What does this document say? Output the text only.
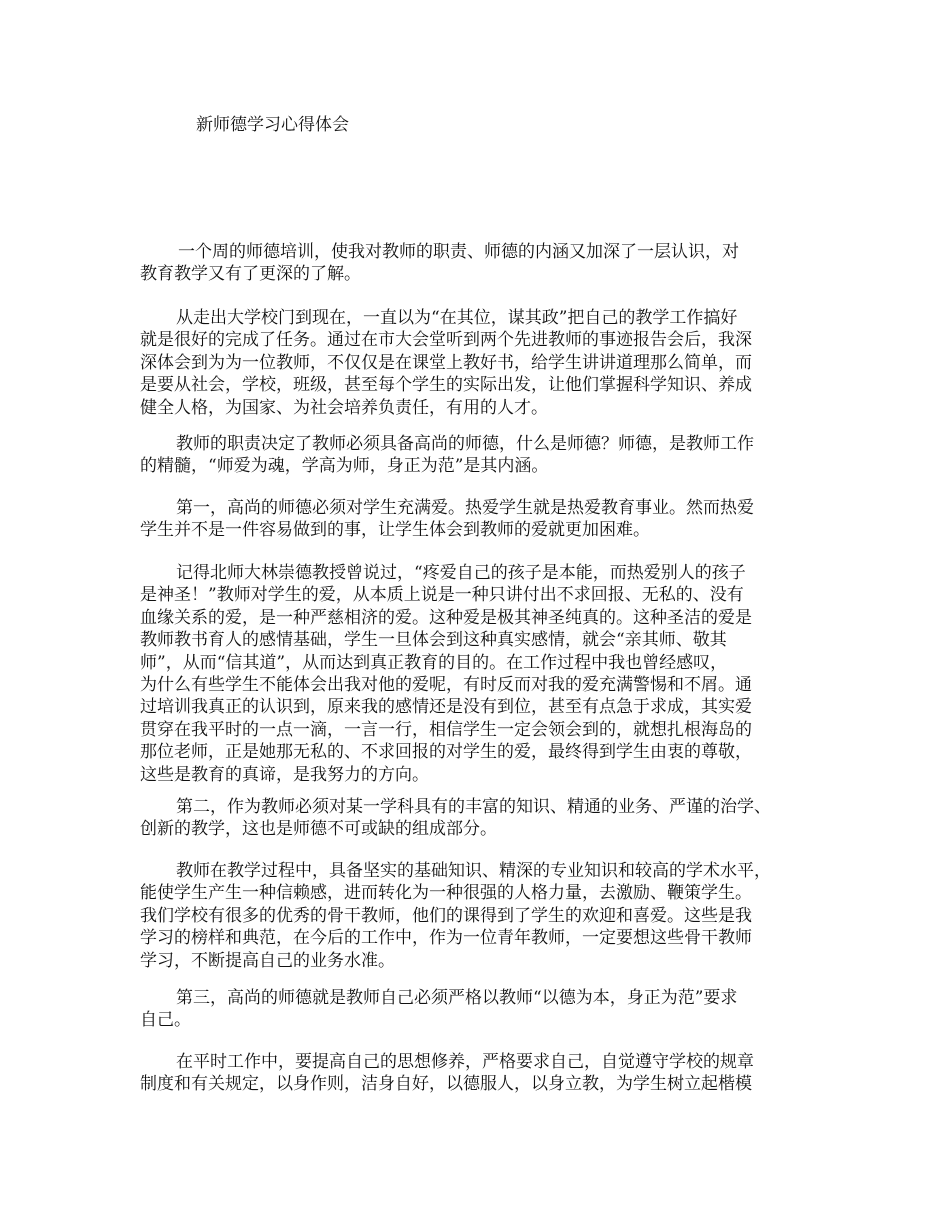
新师德学习心得体会

一个周的师德培训，使我对教师的职责、师德的内涵又加深了一层认识，对
教育教学又有了更深的了解。

从走出大学校门到现在，一直以为“在其位，谋其政”把自己的教学工作搞好
就是很好的完成了任务。通过在市大会堂听到两个先进教师的事迹报告会后，我深
深体会到为为一位教师，不仅仅是在课堂上教好书，给学生讲讲道理那么简单，而
是要从社会，学校，班级，甚至每个学生的实际出发，让他们掌握科学知识、养成
健全人格，为国家、为社会培养负责任，有用的人才。

教师的职责决定了教师必须具备高尚的师德，什么是师德？师德，是教师工作
的精髓，“师爱为魂，学高为师，身正为范”是其内涵。

第一，高尚的师德必须对学生充满爱。热爱学生就是热爱教育事业。然而热爱
学生并不是一件容易做到的事，让学生体会到教师的爱就更加困难。

记得北师大林崇德教授曾说过，“疼爱自己的孩子是本能，而热爱别人的孩子
是神圣！”教师对学生的爱，从本质上说是一种只讲付出不求回报、无私的、没有
血缘关系的爱，是一种严慈相济的爱。这种爱是极其神圣纯真的。这种圣洁的爱是
教师教书育人的感情基础，学生一旦体会到这种真实感情，就会“亲其师、敬其
师”，从而“信其道”，从而达到真正教育的目的。在工作过程中我也曾经感叹，
为什么有些学生不能体会出我对他的爱呢，有时反而对我的爱充满警惕和不屑。通
过培训我真正的认识到，原来我的感情还是没有到位，甚至有点急于求成，其实爱
贯穿在我平时的一点一滴，一言一行，相信学生一定会领会到的，就想扎根海岛的
那位老师，正是她那无私的、不求回报的对学生的爱，最终得到学生由衷的尊敬，
这些是教育的真谛，是我努力的方向。

第二，作为教师必须对某一学科具有的丰富的知识、精通的业务、严谨的治学、
创新的教学，这也是师德不可或缺的组成部分。

教师在教学过程中，具备坚实的基础知识、精深的专业知识和较高的学术水平，
能使学生产生一种信赖感，进而转化为一种很强的人格力量，去激励、鞭策学生。
我们学校有很多的优秀的骨干教师，他们的课得到了学生的欢迎和喜爱。这些是我
学习的榜样和典范，在今后的工作中，作为一位青年教师，一定要想这些骨干教师
学习，不断提高自己的业务水准。

第三，高尚的师德就是教师自己必须严格以教师“以德为本，身正为范”要求
自己。

在平时工作中，要提高自己的思想修养，严格要求自己，自觉遵守学校的规章
制度和有关规定，以身作则，洁身自好，以德服人，以身立教，为学生树立起楷模
